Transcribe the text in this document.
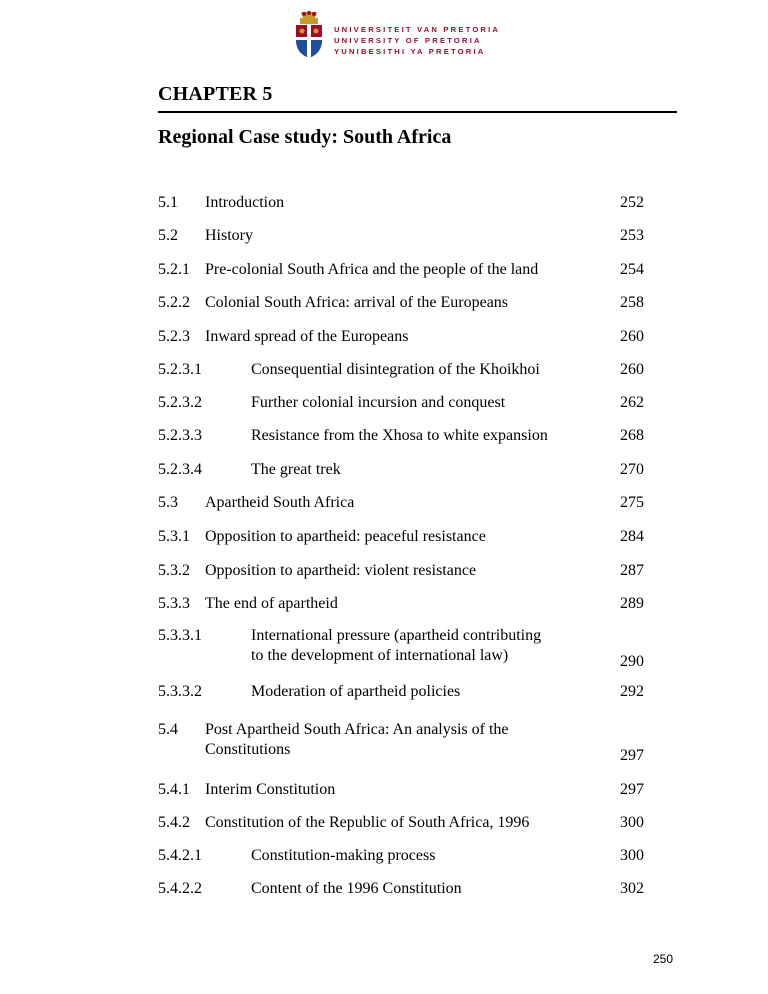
UNIVERSITEIT VAN PRETORIA
UNIVERSITY OF PRETORIA
YUNIBESITHI YA PRETORIA
CHAPTER 5
Regional Case study: South Africa
5.1 Introduction	252
5.2 History	253
5.2.1 Pre-colonial South Africa and the people of the land	254
5.2.2 Colonial South Africa: arrival of the Europeans	258
5.2.3 Inward spread of the Europeans	260
5.2.3.1	Consequential disintegration of the Khoikhoi	260
5.2.3.2	Further colonial incursion and conquest	262
5.2.3.3	Resistance from the Xhosa to white expansion	268
5.2.3.4	The great trek	270
5.3 Apartheid South Africa	275
5.3.1 Opposition to apartheid: peaceful resistance	284
5.3.2 Opposition to apartheid: violent resistance	287
5.3.3 The end of apartheid	289
5.3.3.1	International pressure (apartheid contributing
to the development of international law)	290
5.3.3.2	Moderation of apartheid policies	292
5.4 Post Apartheid South Africa: An analysis of the
Constitutions	297
5.4.1 Interim Constitution	297
5.4.2 Constitution of the Republic of South Africa, 1996	300
5.4.2.1	Constitution-making process	300
5.4.2.2	Content of the 1996 Constitution	302
250
